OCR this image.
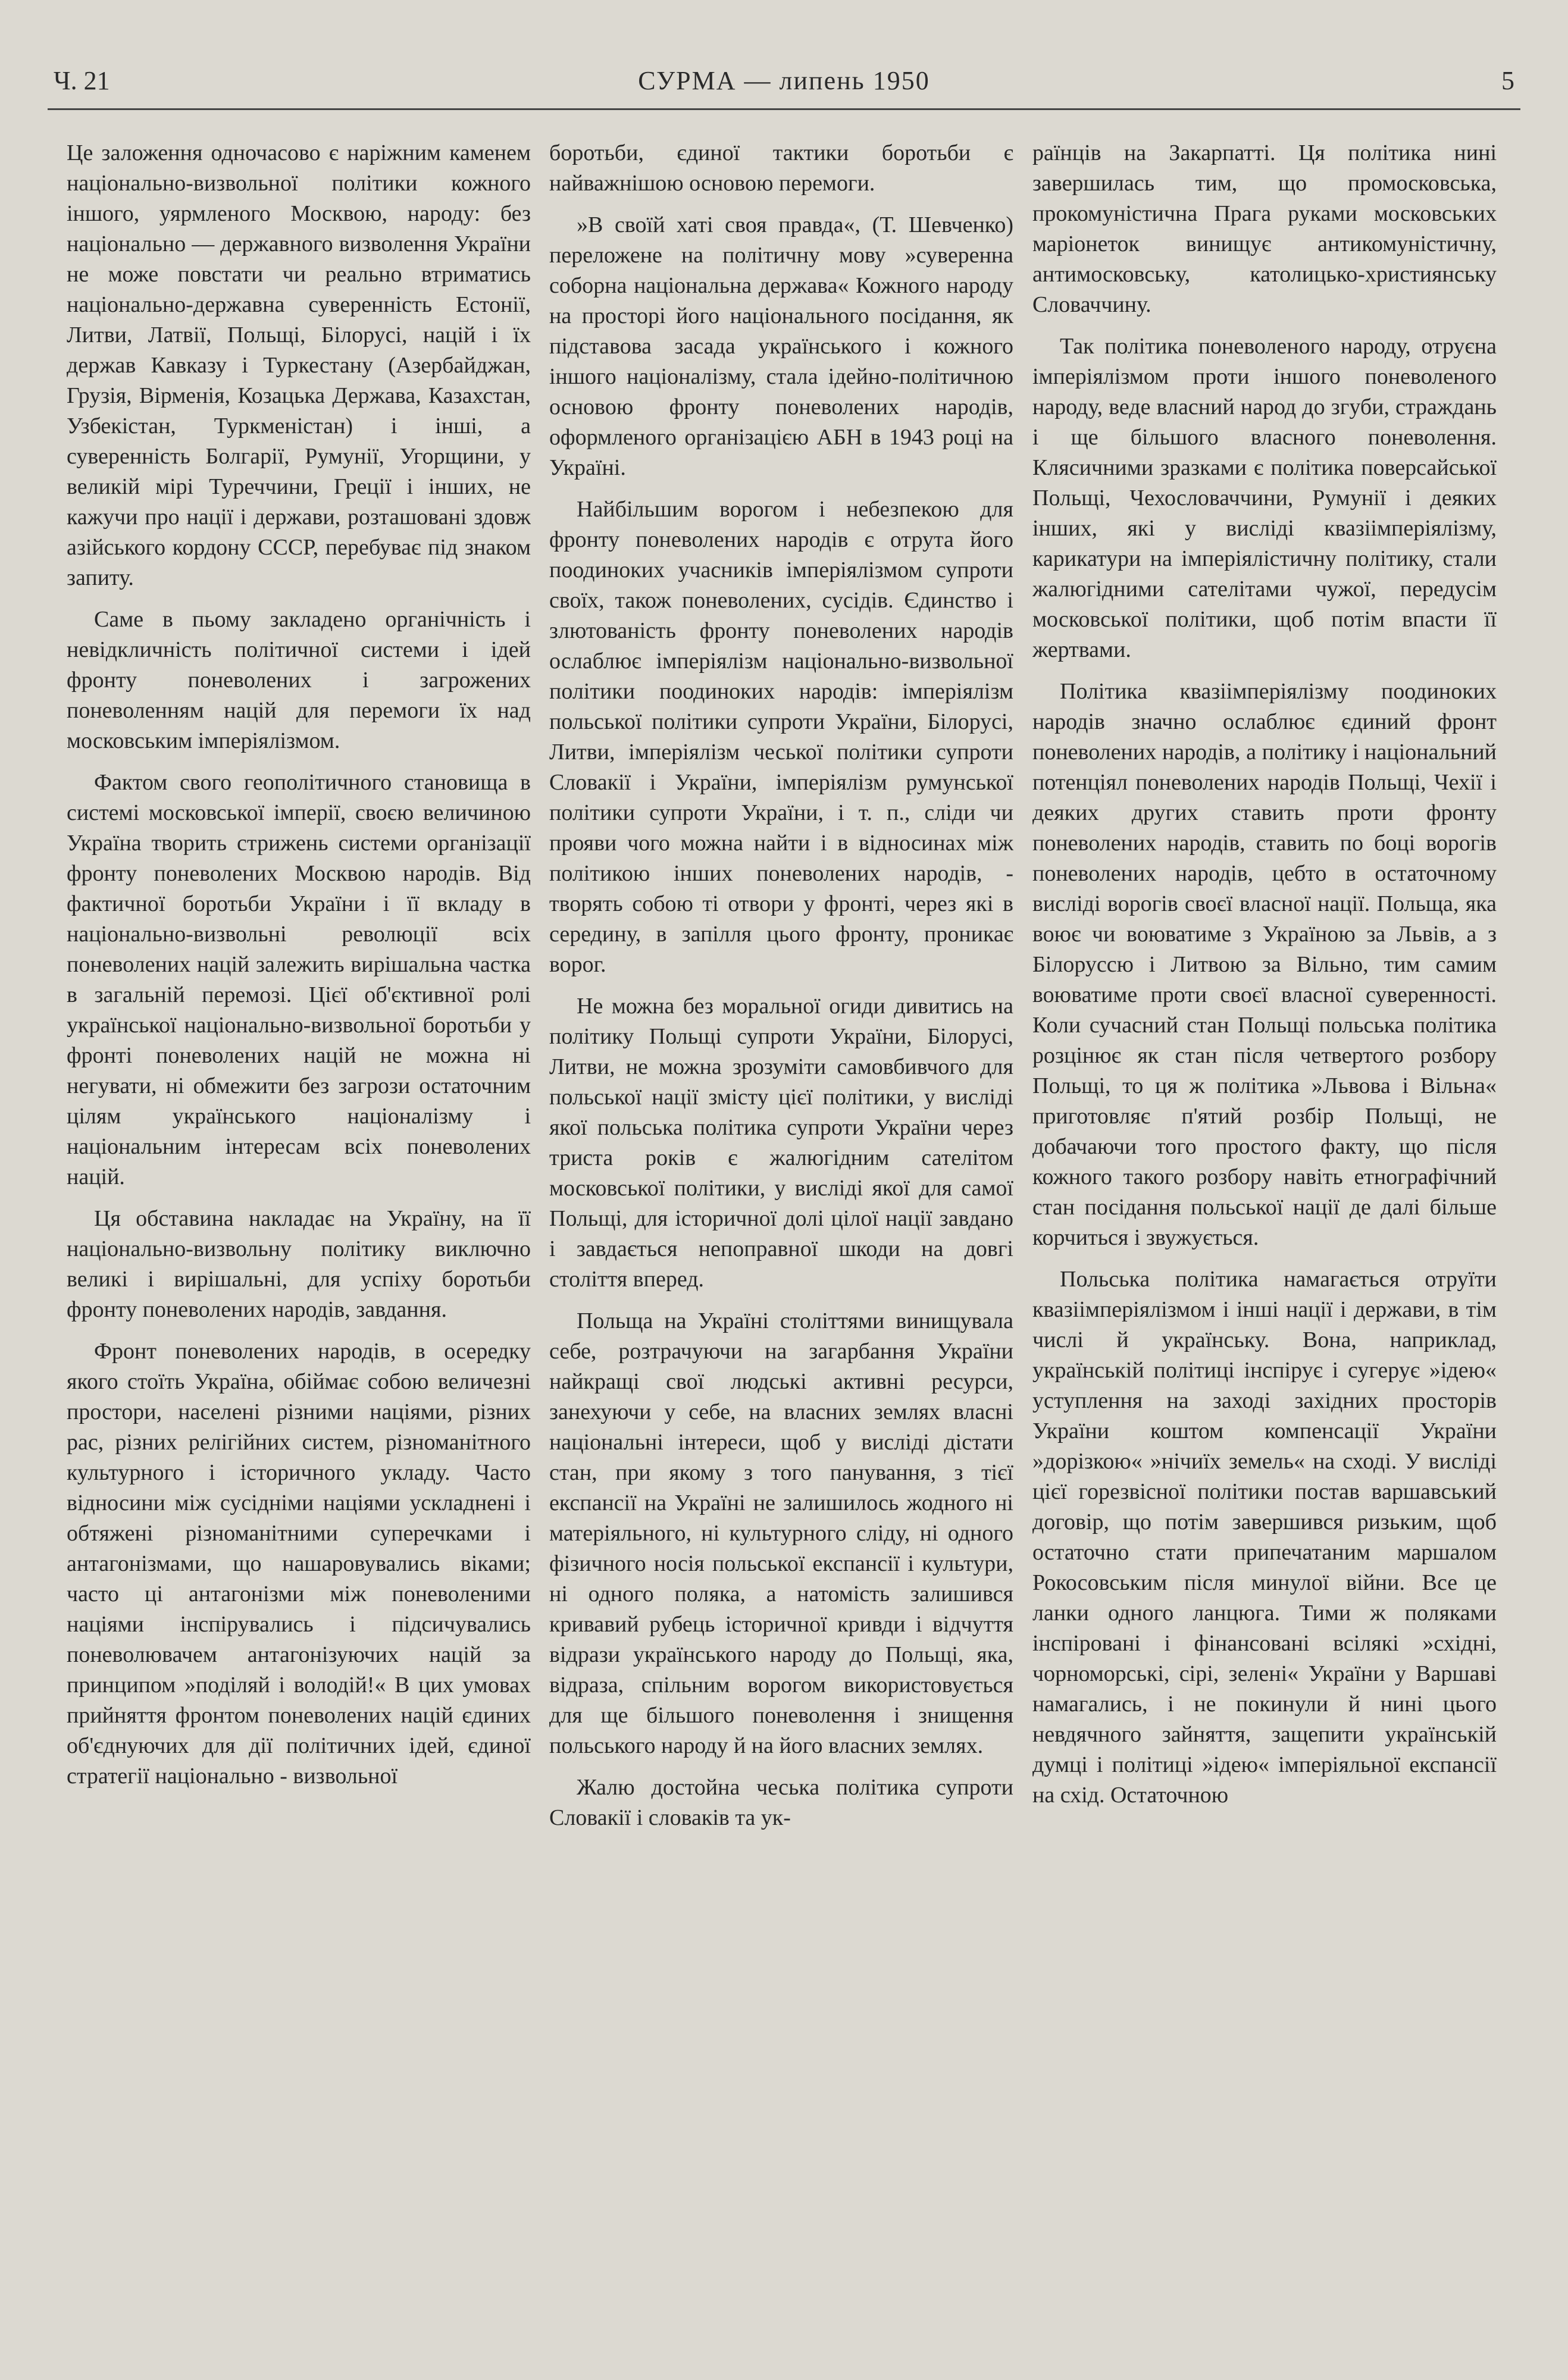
Ч. 21	СУРМА — липень 1950	5

Це заложення одночасово є наріжним каменем національно-визвольної політики кожного іншого, уярмленого Москвою, народу: без національно — державного визволення України не може повстати чи реально втриматись національно-державна суверенність Естонії, Литви, Латвії, Польщі, Білорусі, націй і їх держав Кавказу і Туркестану (Азербайджан, Грузія, Вірменія, Козацька Держава, Казахстан, Узбекістан, Туркменістан) і інші, а суверенність Болгарії, Румунії, Угорщини, у великій мірі Туреччини, Греції і інших, не кажучи про нації і держави, розташовані здовж азійського кордону СССР, перебуває під знаком запиту.

Саме в пьому закладено органічність і невідкличність політичної системи і ідей фронту поневолених і загрожених поневоленням націй для перемоги їх над московським імперіялізмом.

Фактом свого геополітичного становища в системі московської імперії, своєю величиною Україна творить стрижень системи організації фронту поневолених Москвою народів. Від фактичної боротьби України і її вкладу в національно-визвольні революції всіх поневолених націй залежить вирішальна частка в загальній перемозі. Цієї об'єктивної ролі української національно-визвольної боротьби у фронті поневолених націй не можна ні негувати, ні обмежити без загрози остаточним цілям українського націоналізму і національним інтересам всіх поневолених націй.

Ця обставина накладає на Україну, на її національно-визвольну політику виключно великі і вирішальні, для успіху боротьби фронту поневолених народів, завдання.

Фронт поневолених народів, в осередку якого стоїть Україна, обіймає собою величезні простори, населені різними націями, різних рас, різних релігійних систем, різноманітного культурного і історичного укладу. Часто відносини між сусідніми націями ускладнені і обтяжені різноманітними суперечками і антагонізмами, що нашаровувались віками; часто ці антагонізми між поневоленими націями інспірувались і підсичувались поневолювачем антагонізуючих націй за принципом »поділяй і володій!« В цих умовах прийняття фронтом поневолених націй єдиних об'єднуючих для дії політичних ідей, єдиної стратегії національно - визвольної

боротьби, єдиної тактики боротьби є найважнішою основою перемоги.

»В своїй хаті своя правда«, (Т. Шевченко) переложене на політичну мову »суверенна соборна національна держава« Кожного народу на просторі його національного посідання, як підставова засада українського і кожного іншого націоналізму, стала ідейно-політичною основою фронту поневолених народів, оформленого організацією АБН в 1943 році на Україні.

Найбільшим ворогом і небезпекою для фронту поневолених народів є отрута його поодиноких учасників імперіялізмом супроти своїх, також поневолених, сусідів. Єдинство і злютованість фронту поневолених народів ослаблює імперіялізм національно-визвольної політики поодиноких народів: імперіялізм польської політики супроти України, Білорусі, Литви, імперіялізм чеської політики супроти Словакії і України, імперіялізм румунської політики супроти України, і т. п., сліди чи прояви чого можна найти і в відносинах між політикою інших поневолених народів, - творять собою ті отвори у фронті, через які в середину, в запілля цього фронту, проникає ворог.

Не можна без моральної огиди дивитись на політику Польщі супроти України, Білорусі, Литви, не можна зрозуміти самовбивчого для польської нації змісту цієї політики, у висліді якої польська політика супроти України через триста років є жалюгідним сателітом московської політики, у висліді якої для самої Польщі, для історичної долі цілої нації завдано і завдається непоправної шкоди на довгі століття вперед.

Польща на Україні століттями винищувала себе, розтрачуючи на загарбання України найкращі свої людські активні ресурси, занехуючи у себе, на власних землях власні національні інтереси, щоб у висліді дістати стан, при якому з того панування, з тієї експансії на Україні не залишилось жодного ні матеріяльного, ні культурного сліду, ні одного фізичного носія польської експансії і культури, ні одного поляка, а натомість залишився кривавий рубець історичної кривди і відчуття відрази українського народу до Польщі, яка, відраза, спільним ворогом використовується для ще більшого поневолення і знищення польського народу й на його власних землях.

Жалю достойна чеська політика супроти Словакії і словаків та ук-

раїнців на Закарпатті. Ця політика нині завершилась тим, що промосковська, прокомуністична Прага руками московських маріонеток винищує антикомуністичну, антимосковську, католицько-християнську Словаччину.

Так політика поневоленого народу, отруєна імперіялізмом проти іншого поневоленого народу, веде власний народ до згуби, страждань і ще більшого власного поневолення. Клясичними зразками є політика поверсайської Польщі, Чехословаччини, Румунії і деяких інших, які у висліді квазіімперіялізму, карикатури на імперіялістичну політику, стали жалюгідними сателітами чужої, передусім московської політики, щоб потім впасти її жертвами.

Політика квазіімперіялізму поодиноких народів значно ослаблює єдиний фронт поневолених народів, а політику і національний потенціял поневолених народів Польщі, Чехії і деяких других ставить проти фронту поневолених народів, ставить по боці ворогів поневолених народів, цебто в остаточному висліді ворогів своєї власної нації. Польща, яка воює чи воюватиме з Україною за Львів, а з Білоруссю і Литвою за Вільно, тим самим воюватиме проти своєї власної суверенності. Коли сучасний стан Польщі польська політика розцінює як стан після четвертого розбору Польщі, то ця ж політика »Львова і Вільна« приготовляє п'ятий розбір Польщі, не добачаючи того простого факту, що після кожного такого розбору навіть етнографічний стан посідання польської нації де далі більше корчиться і звужується.

Польська політика намагається отруїти квазіімперіялізмом і інші нації і держави, в тім числі й українську. Вона, наприклад, українській політиці інспірує і сугерує »ідею« уступлення на заході західних просторів України коштом компенсації України »дорізкою« »нічиїх земель« на сході. У висліді цієї горезвісної політики постав варшавський договір, що потім завершився ризьким, щоб остаточно стати припечатаним маршалом Рокосовським після минулої війни. Все це ланки одного ланцюга. Тими ж поляками інспіровані і фінансовані всілякі »східні, чорноморські, сірі, зелені« України у Варшаві намагались, і не покинули й нині цього невдячного зайняття, защепити українській думці і політиці »ідею« імперіяльної експансії на схід. Остаточною
